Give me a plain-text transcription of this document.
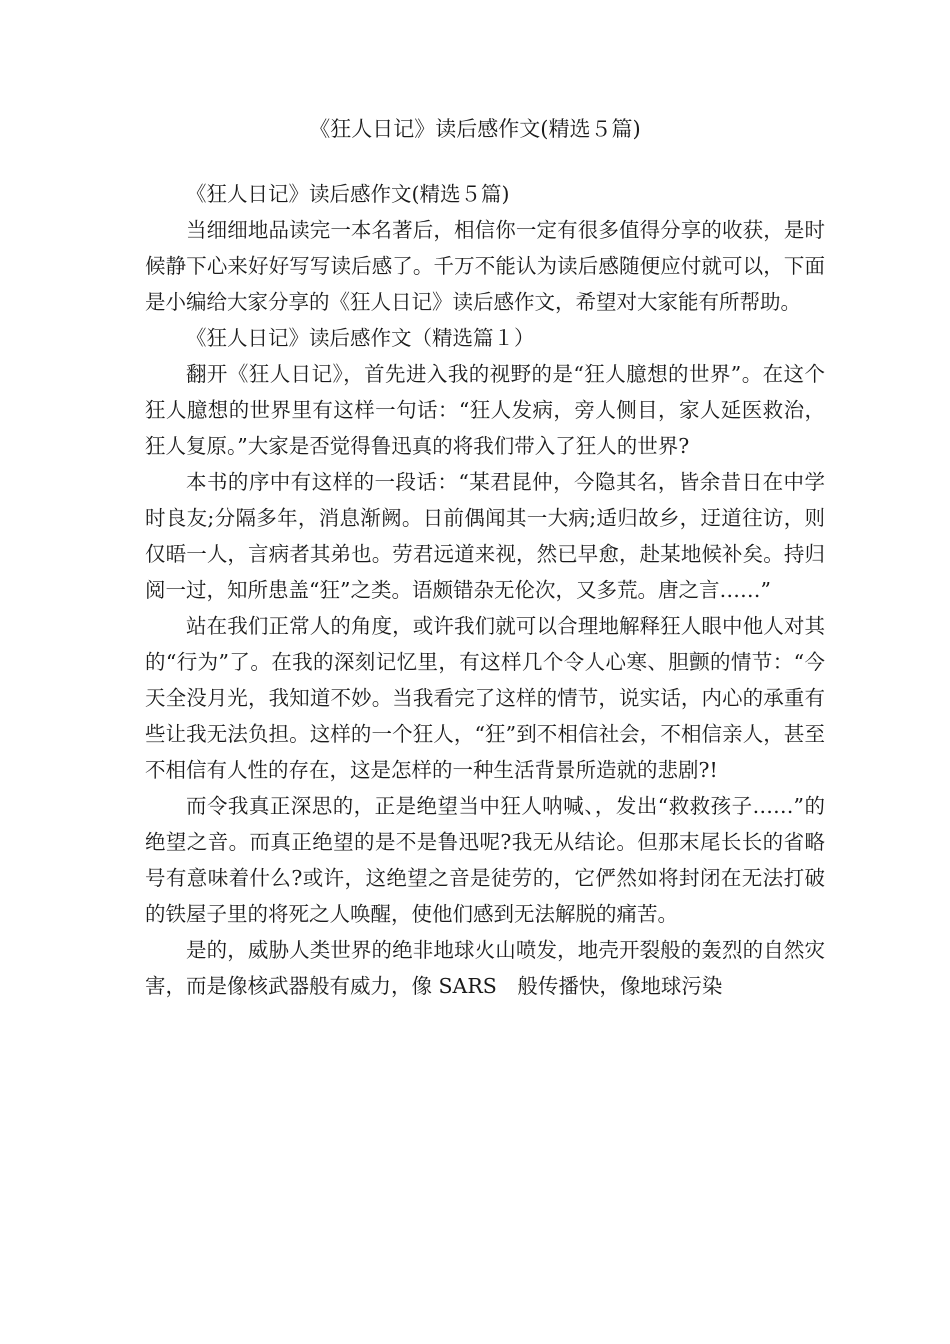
《狂人日记》读后感作文(精选５篇)

《狂人日记》读后感作文(精选５篇)

当细细地品读完一本名著后，相信你一定有很多值得分享的收获，是时候静下心来好好写写读后感了。千万不能认为读后感随便应付就可以，下面是小编给大家分享的《狂人日记》读后感作文，希望对大家能有所帮助。

《狂人日记》读后感作文（精选篇１）

翻开《狂人日记》，首先进入我的视野的是“狂人臆想的世界”。在这个狂人臆想的世界里有这样一句话：“狂人发病，旁人侧目，家人延医救治，狂人复原。”大家是否觉得鲁迅真的将我们带入了狂人的世界?

本书的序中有这样的一段话：“某君昆仲，今隐其名，皆余昔日在中学时良友;分隔多年，消息渐阙。日前偶闻其一大病;适归故乡，迂道往访，则仅晤一人，言病者其弟也。劳君远道来视，然已早愈，赴某地候补矣。持归阅一过，知所患盖“狂”之类。语颇错杂无伦次，又多荒。唐之言……”

站在我们正常人的角度，或许我们就可以合理地解释狂人眼中他人对其的“行为”了。在我的深刻记忆里，有这样几个令人心寒、胆颤的情节：“今天全没月光，我知道不妙。当我看完了这样的情节，说实话，内心的承重有些让我无法负担。这样的一个狂人，“狂”到不相信社会，不相信亲人，甚至不相信有人性的存在，这是怎样的一种生活背景所造就的悲剧?!

而令我真正深思的，正是绝望当中狂人呐喊、，发出“救救孩子……”的绝望之音。而真正绝望的是不是鲁迅呢?我无从结论。但那末尾长长的省略号有意味着什么?或许，这绝望之音是徒劳的，它俨然如将封闭在无法打破的铁屋子里的将死之人唤醒，使他们感到无法解脱的痛苦。

是的，威胁人类世界的绝非地球火山喷发，地壳开裂般的轰烈的自然灾害，而是像核武器般有威力，像 SARS　般传播快，像地球污染
